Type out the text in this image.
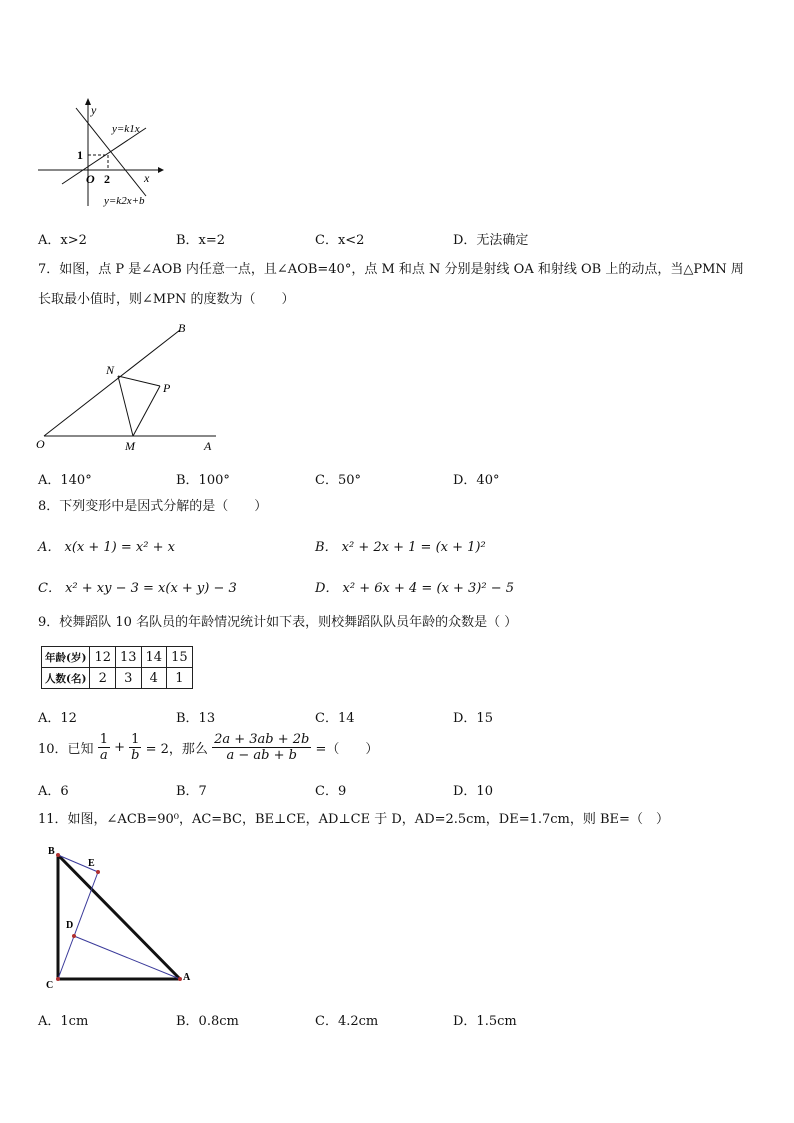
y
x
O
1
2
y=k1x
y=k2x+b
A．x>2	B．x=2	C．x<2	D．无法确定
7．如图，点 P 是∠AOB 内任意一点，且∠AOB=40°，点 M 和点 N 分别是射线 OA 和射线 OB 上的动点，当△PMN 周
长取最小值时，则∠MPN 的度数为（　　）
O	A
B
N
P
M
A．140°	B．100°	C．50°	D．40°
8．下列变形中是因式分解的是（　　）
A． x(x + 1) = x² + x	B． x² + 2x + 1 = (x + 1)²
C． x² + xy − 3 = x(x + y) − 3	D． x² + 6x + 4 = (x + 3)² − 5
9．校舞蹈队 10 名队员的年龄情况统计如下表，则校舞蹈队队员年龄的众数是（ ）
年龄(岁)	12	13	14	15
人数(名)	2	3	4	1
A．12	B．13	C．14	D．15
10．已知 $\frac{1}{a} + \frac{1}{b} = 2$，那么 $\frac{2a + 3ab + 2b}{a - ab + b}$ =（　　）
A．6	B．7	C．9	D．10
11．如图，∠ACB=90⁰，AC=BC，BE⊥CE，AD⊥CE 于 D，AD=2.5cm，DE=1.7cm，则 BE=（　）
B
E
D
C
A
A．1cm	B．0.8cm	C．4.2cm	D．1.5cm
